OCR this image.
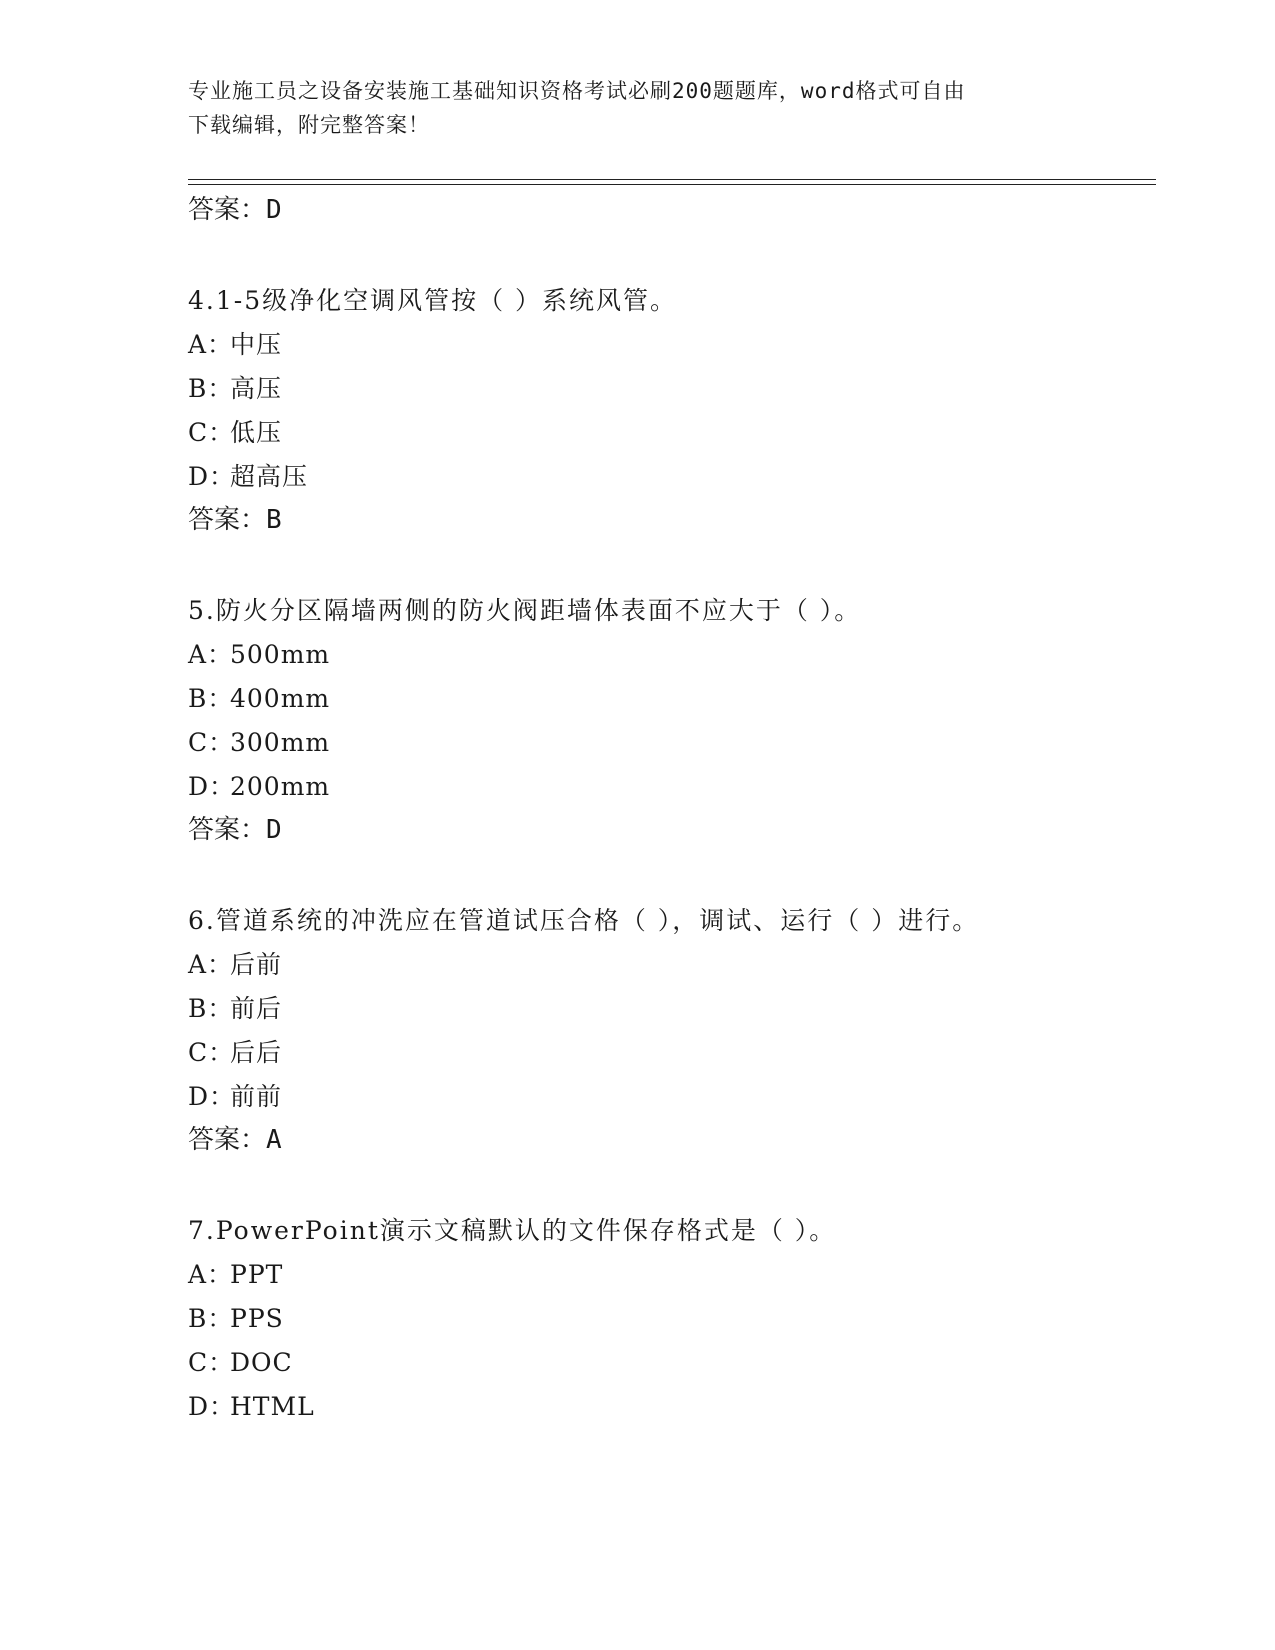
专业施工员之设备安装施工基础知识资格考试必刷200题题库，word格式可自由
下载编辑，附完整答案！
答案：D
4.1-5级净化空调风管按（ ）系统风管。
A：中压
B：高压
C：低压
D：超高压
答案：B
5.防火分区隔墙两侧的防火阀距墙体表面不应大于（ ）。
A：500mm
B：400mm
C：300mm
D：200mm
答案：D
6.管道系统的冲洗应在管道试压合格（ ），调试、运行（ ）进行。
A：后前
B：前后
C：后后
D：前前
答案：A
7.PowerPoint演示文稿默认的文件保存格式是（ ）。
A：PPT
B：PPS
C：DOC
D：HTML
